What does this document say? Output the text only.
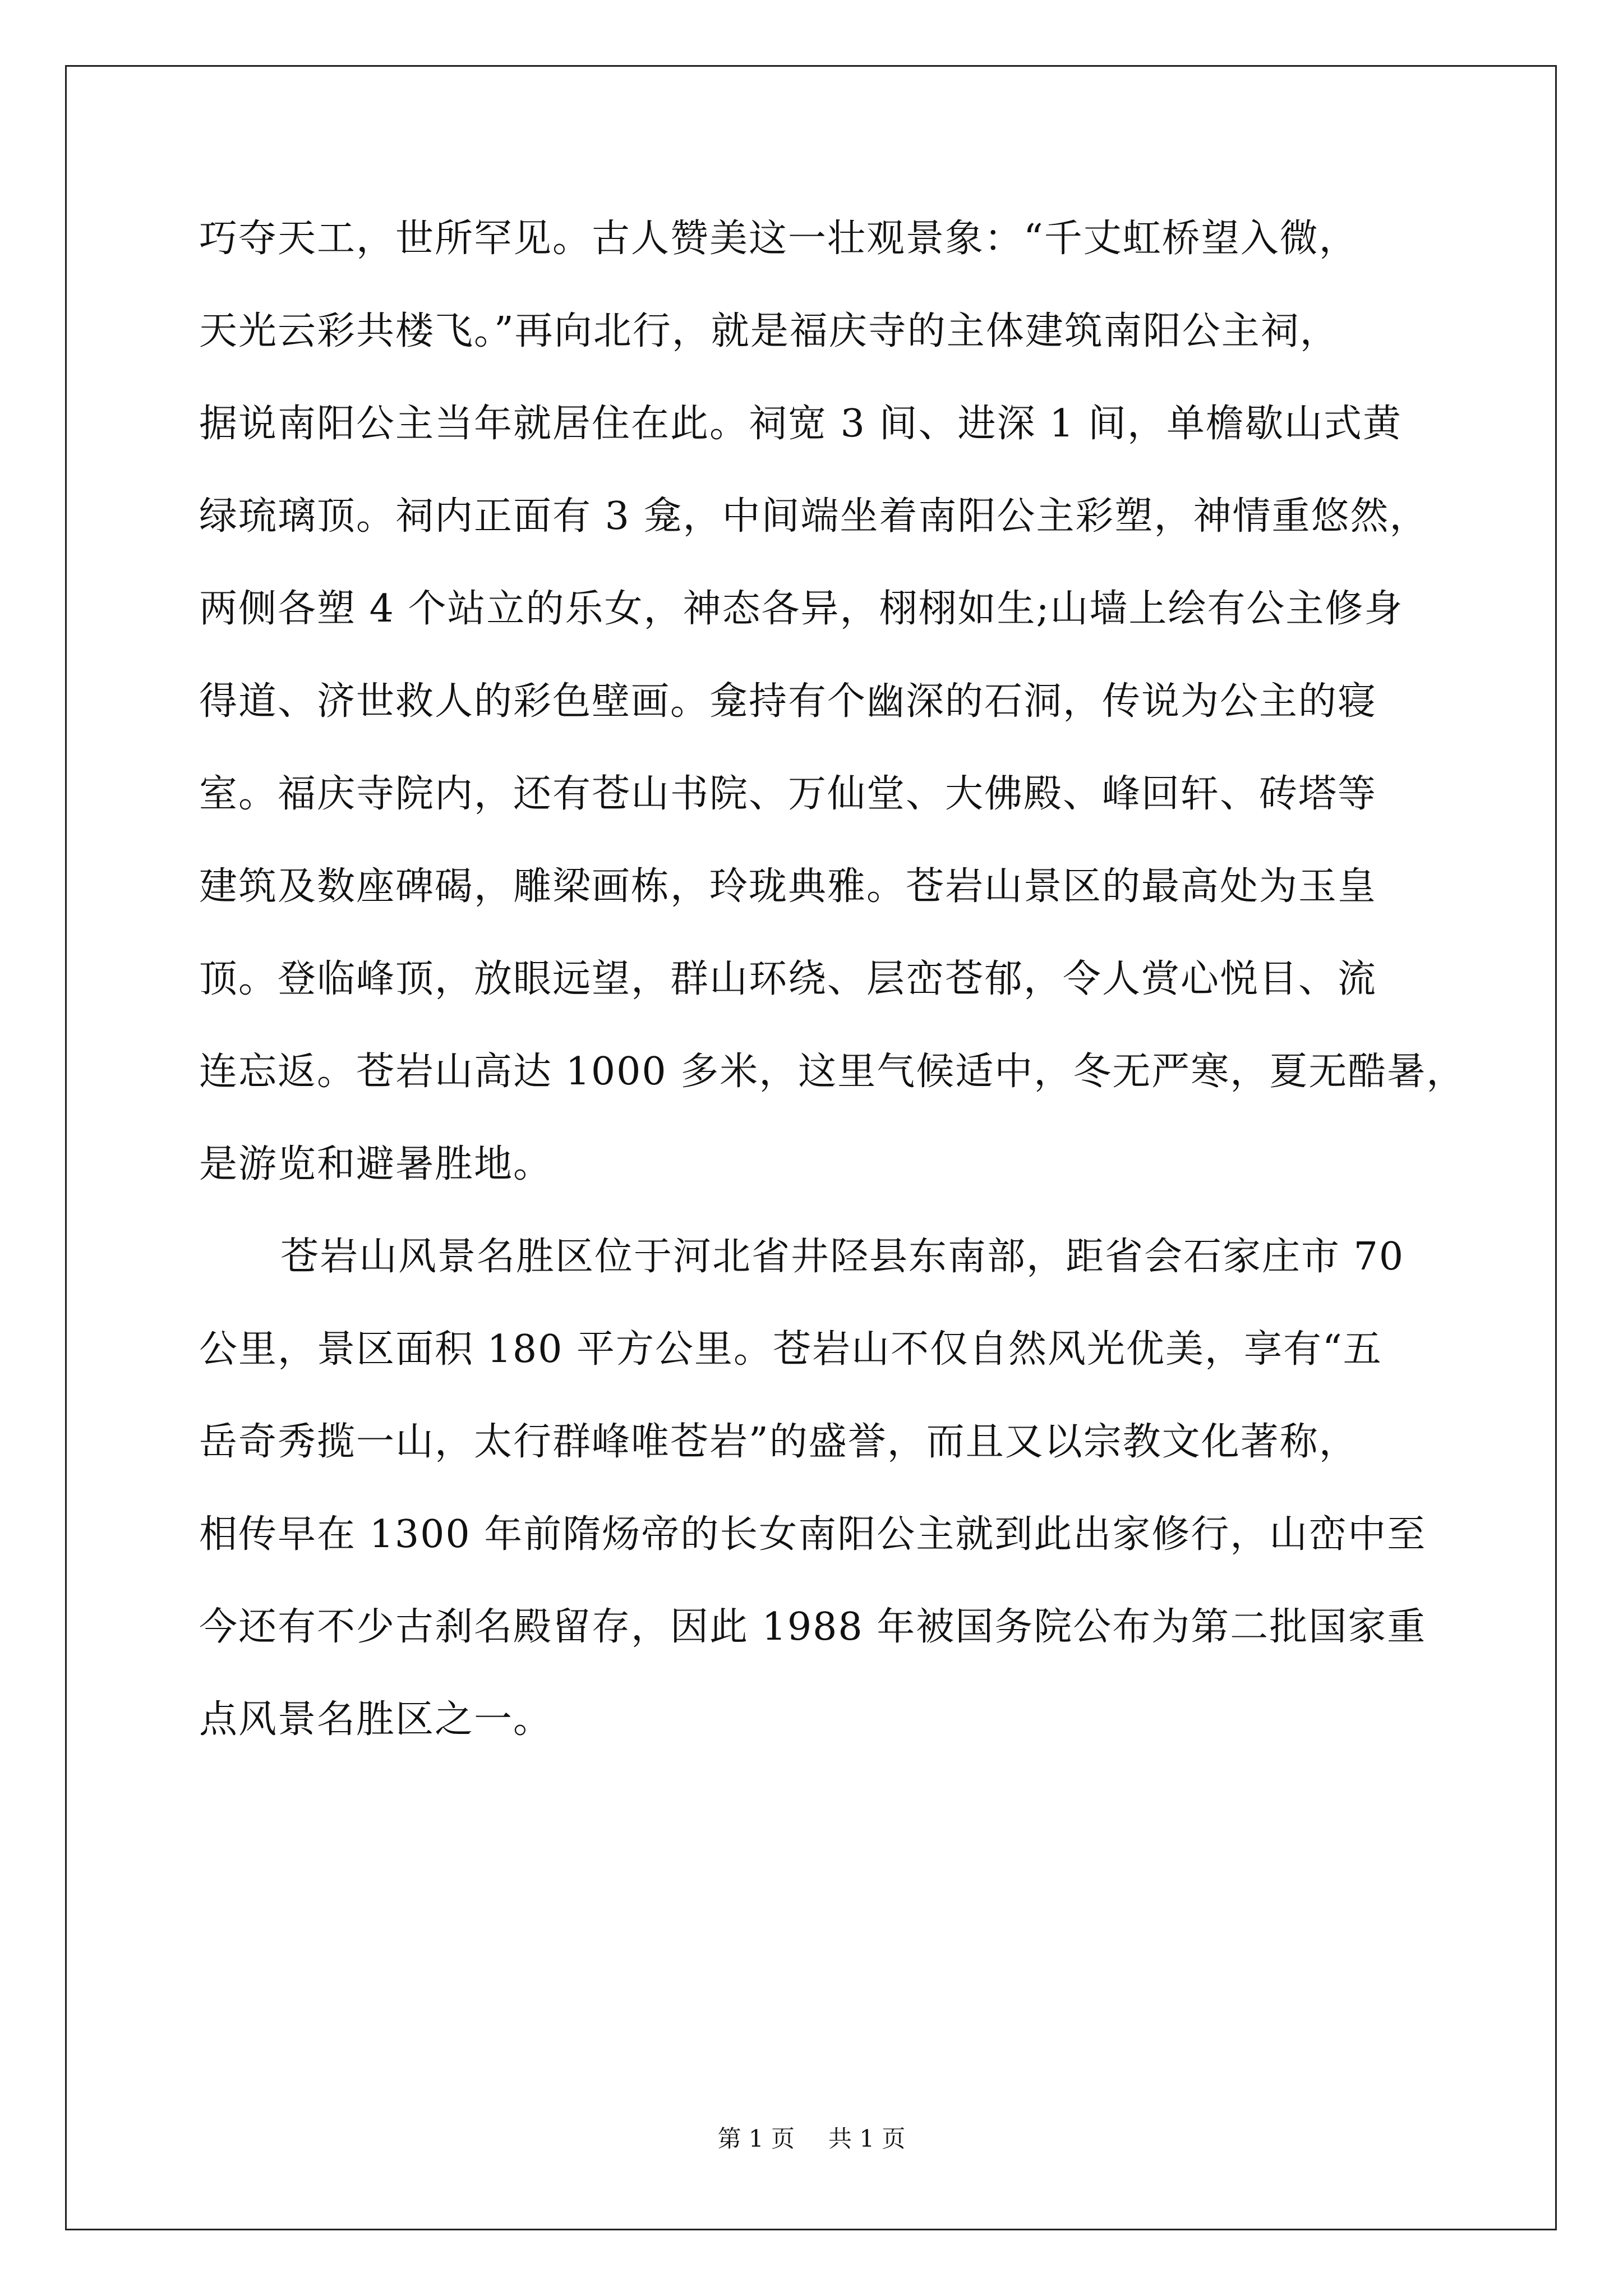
巧夺天工，世所罕见。古人赞美这一壮观景象：“千丈虹桥望入微，
天光云彩共楼飞。”再向北行，就是福庆寺的主体建筑南阳公主祠，
据说南阳公主当年就居住在此。祠宽 3 间、进深 1 间，单檐歇山式黄
绿琉璃顶。祠内正面有 3 龛，中间端坐着南阳公主彩塑，神情重悠然，
两侧各塑 4 个站立的乐女，神态各异，栩栩如生;山墙上绘有公主修身
得道、济世救人的彩色壁画。龛持有个幽深的石洞，传说为公主的寝
室。福庆寺院内，还有苍山书院、万仙堂、大佛殿、峰回轩、砖塔等
建筑及数座碑碣，雕梁画栋，玲珑典雅。苍岩山景区的最高处为玉皇
顶。登临峰顶，放眼远望，群山环绕、层峦苍郁，令人赏心悦目、流
连忘返。苍岩山高达 1000 多米，这里气候适中，冬无严寒，夏无酷暑，
是游览和避暑胜地。
苍岩山风景名胜区位于河北省井陉县东南部，距省会石家庄市 70
公里，景区面积 180 平方公里。苍岩山不仅自然风光优美，享有“五
岳奇秀揽一山，太行群峰唯苍岩”的盛誉，而且又以宗教文化著称，
相传早在 1300 年前隋炀帝的长女南阳公主就到此出家修行，山峦中至
今还有不少古刹名殿留存，因此 1988 年被国务院公布为第二批国家重
点风景名胜区之一。
第 1 页 共 1 页
